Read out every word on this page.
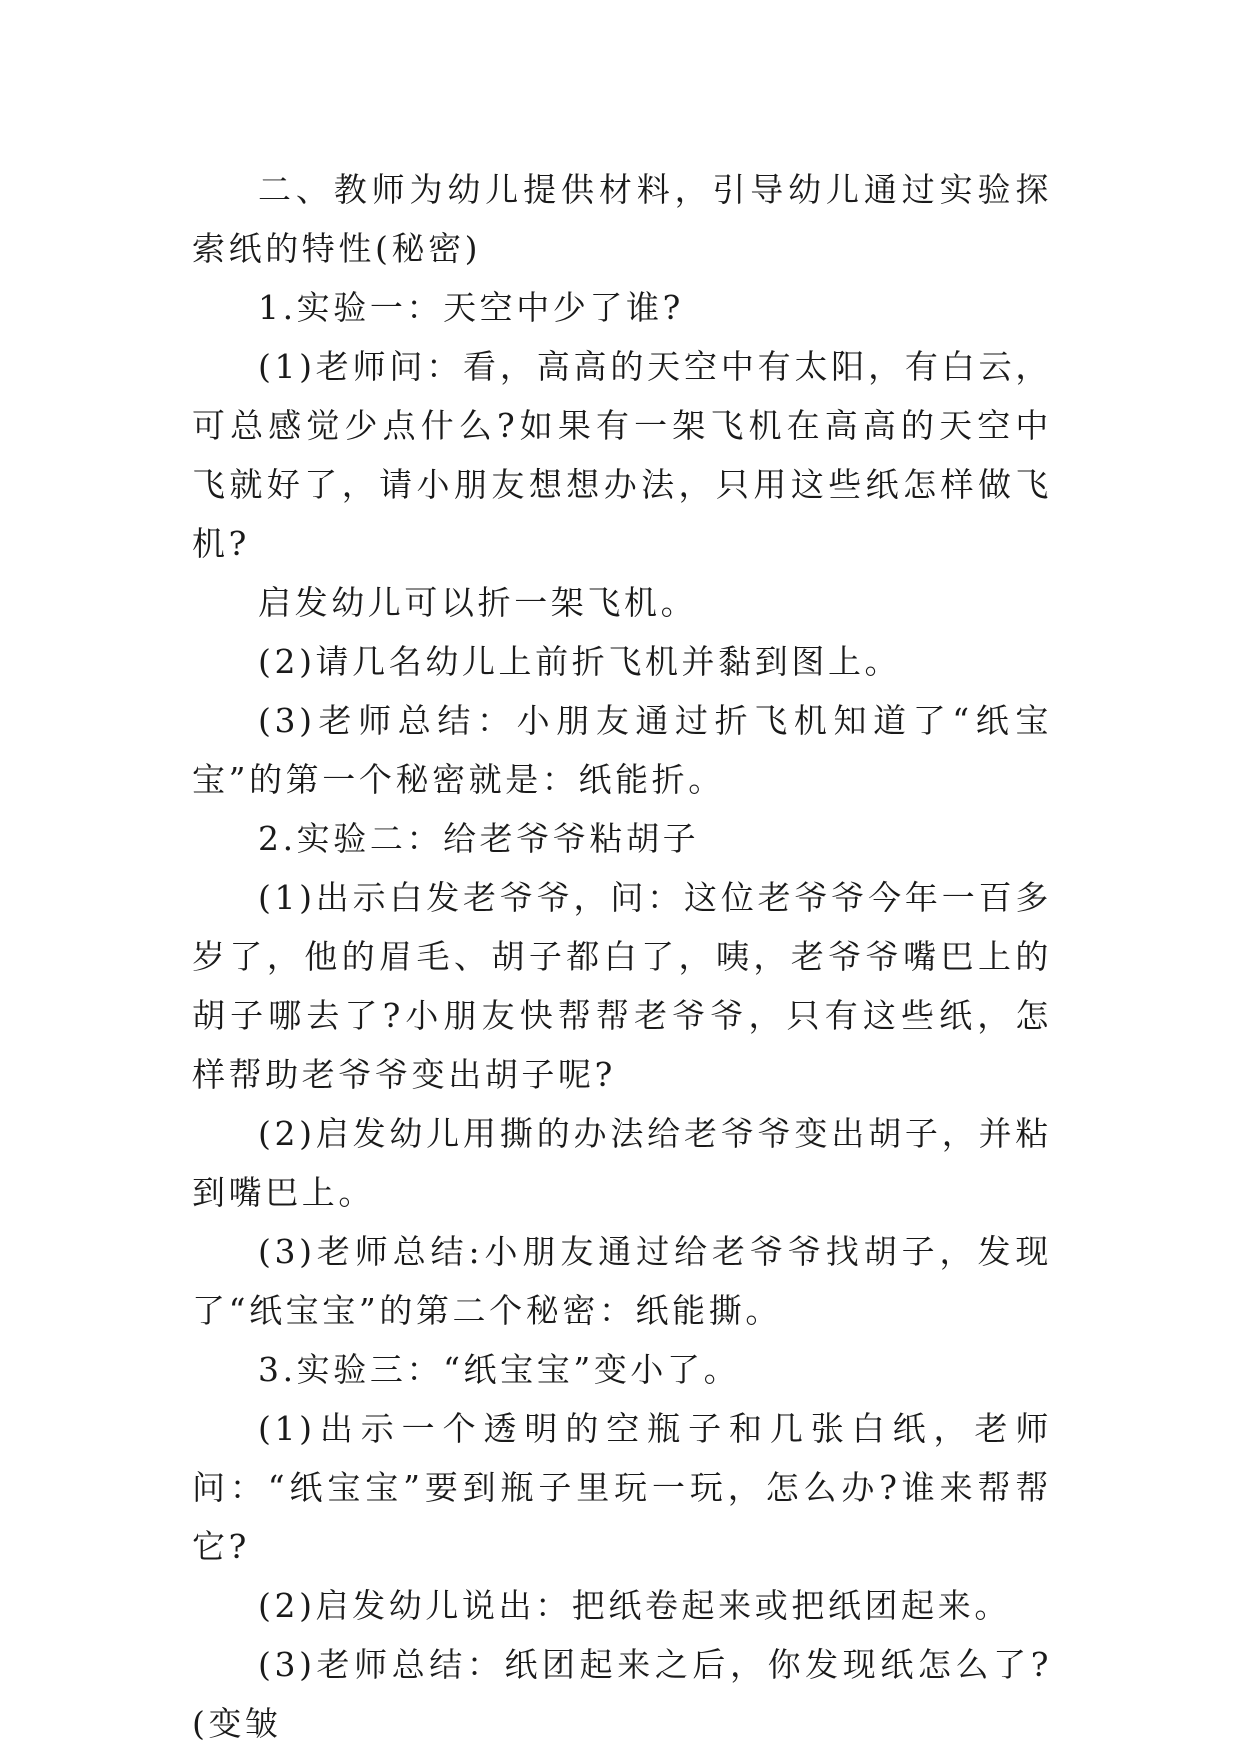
二、教师为幼儿提供材料，引导幼儿通过实验探索纸的特性(秘密)

1.实验一：天空中少了谁?

(1)老师问：看，高高的天空中有太阳，有白云，可总感觉少点什么?如果有一架飞机在高高的天空中飞就好了，请小朋友想想办法，只用这些纸怎样做飞机?

启发幼儿可以折一架飞机。

(2)请几名幼儿上前折飞机并黏到图上。

(3)老师总结：小朋友通过折飞机知道了“纸宝宝”的第一个秘密就是：纸能折。

2.实验二：给老爷爷粘胡子

(1)出示白发老爷爷，问：这位老爷爷今年一百多岁了，他的眉毛、胡子都白了，咦，老爷爷嘴巴上的胡子哪去了?小朋友快帮帮老爷爷，只有这些纸，怎样帮助老爷爷变出胡子呢?

(2)启发幼儿用撕的办法给老爷爷变出胡子，并粘到嘴巴上。

(3)老师总结:小朋友通过给老爷爷找胡子，发现了“纸宝宝”的第二个秘密：纸能撕。

3.实验三：“纸宝宝”变小了。

(1)出示一个透明的空瓶子和几张白纸，老师问：“纸宝宝”要到瓶子里玩一玩，怎么办?谁来帮帮它?

(2)启发幼儿说出：把纸卷起来或把纸团起来。

(3)老师总结：纸团起来之后，你发现纸怎么了?(变皱
